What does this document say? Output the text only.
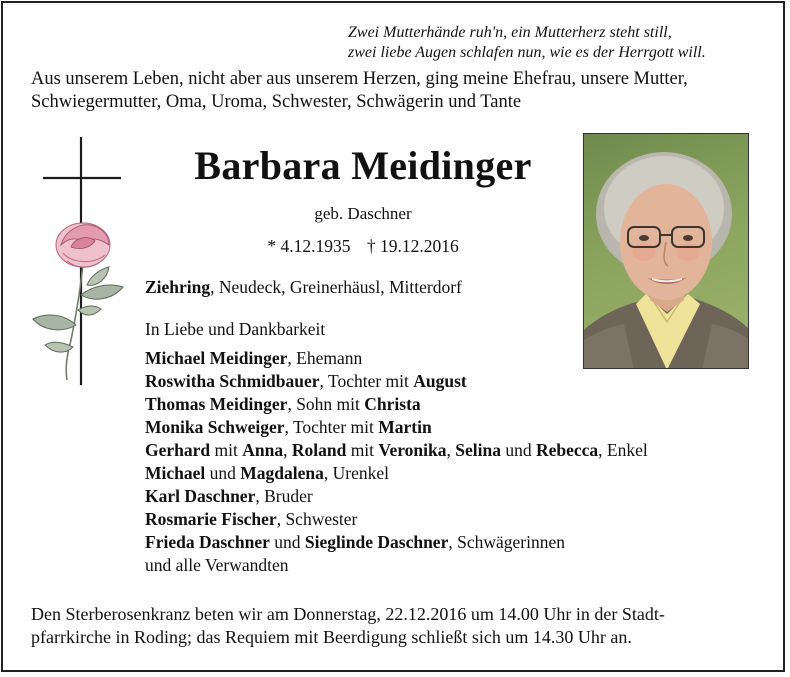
Zwei Mutterhände ruh'n, ein Mutterherz steht still,
zwei liebe Augen schlafen nun, wie es der Herrgott will.
Aus unserem Leben, nicht aber aus unserem Herzen, ging meine Ehefrau, unsere Mutter,
Schwiegermutter, Oma, Uroma, Schwester, Schwägerin und Tante
Barbara Meidinger
geb. Daschner
* 4.12.1935 † 19.12.2016
Ziehring, Neudeck, Greinerhäusl, Mitterdorf
In Liebe und Dankbarkeit
Michael Meidinger, Ehemann
Roswitha Schmidbauer, Tochter mit August
Thomas Meidinger, Sohn mit Christa
Monika Schweiger, Tochter mit Martin
Gerhard mit Anna, Roland mit Veronika, Selina und Rebecca, Enkel
Michael und Magdalena, Urenkel
Karl Daschner, Bruder
Rosmarie Fischer, Schwester
Frieda Daschner und Sieglinde Daschner, Schwägerinnen
und alle Verwandten
Den Sterberosenkranz beten wir am Donnerstag, 22.12.2016 um 14.00 Uhr in der Stadt-
pfarrkirche in Roding; das Requiem mit Beerdigung schließt sich um 14.30 Uhr an.
